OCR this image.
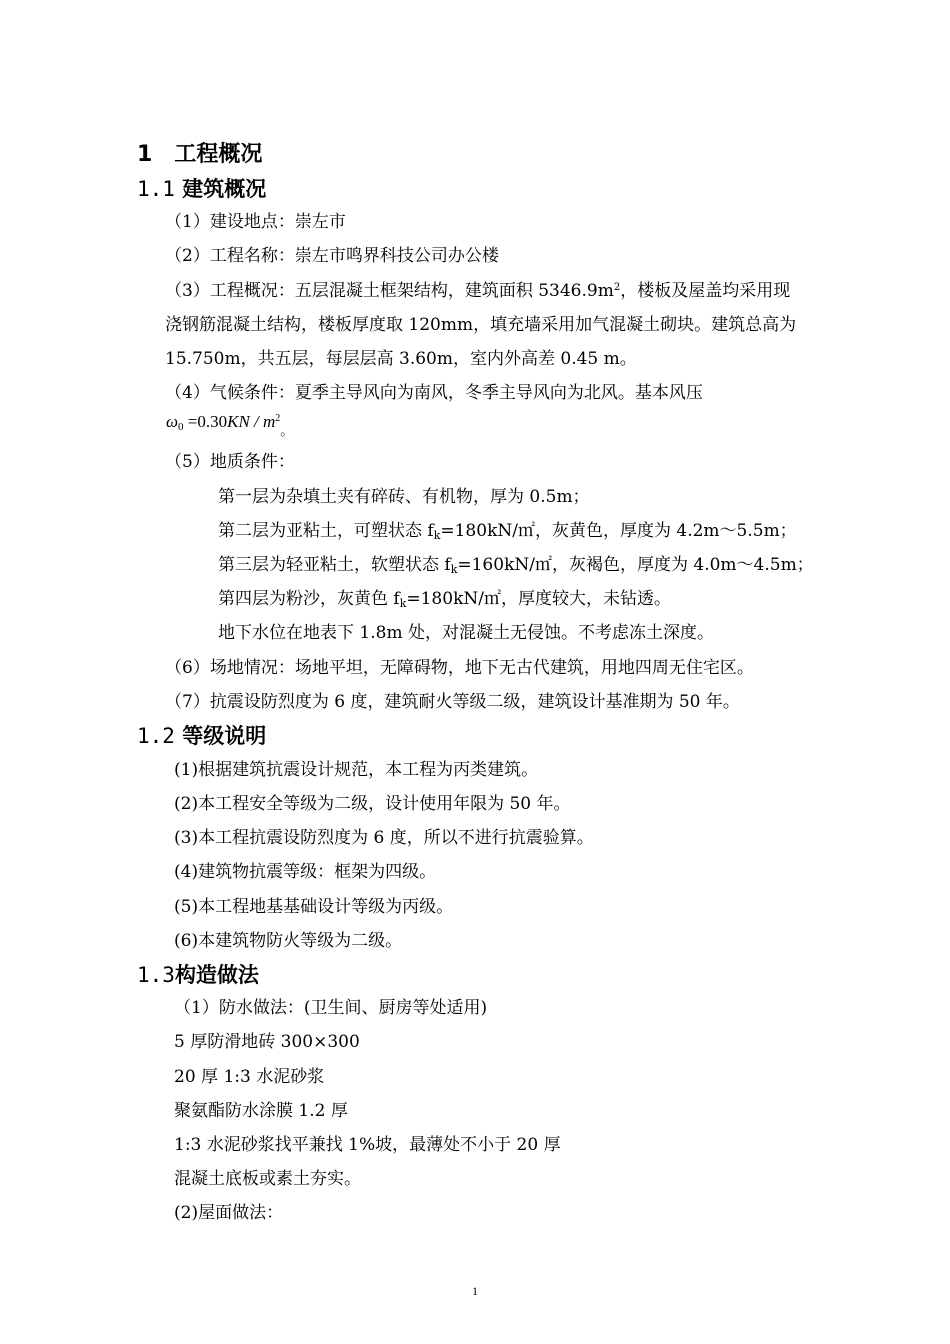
1 工程概况
1.1 建筑概况
（1）建设地点：崇左市
（2）工程名称：崇左市鸣界科技公司办公楼
（3）工程概况：五层混凝土框架结构，建筑面积 $5346.9m^2$，楼板及屋盖均采用现
浇钢筋混凝土结构，楼板厚度取 120mm，填充墙采用加气混凝土砌块。建筑总高为
15.750m，共五层，每层层高 3.60m，室内外高差 0.45 m。
（4）气候条件：夏季主导风向为南风，冬季主导风向为北风。基本风压
$\omega_0 =0.30KN / m^2_。$
（5）地质条件：
第一层为杂填土夹有碎砖、有机物，厚为 0.5m；
第二层为亚粘土，可塑状态 $f_k=180kN/㎡$，灰黄色，厚度为 4.2m～5.5m；
第三层为轻亚粘土，软塑状态 $f_k=160kN/㎡$，灰褐色，厚度为 4.0m～4.5m；
第四层为粉沙，灰黄色 $f_k=180kN/㎡$，厚度较大，未钻透。
地下水位在地表下 1.8m 处，对混凝土无侵蚀。不考虑冻土深度。
（6）场地情况：场地平坦，无障碍物，地下无古代建筑，用地四周无住宅区。
（7）抗震设防烈度为 6 度，建筑耐火等级二级，建筑设计基准期为 50 年。
1.2 等级说明
(1)根据建筑抗震设计规范，本工程为丙类建筑。
(2)本工程安全等级为二级，设计使用年限为 50 年。
(3)本工程抗震设防烈度为 6 度，所以不进行抗震验算。
(4)建筑物抗震等级：框架为四级。
(5)本工程地基基础设计等级为丙级。
(6)本建筑物防火等级为二级。
1.3构造做法
（1）防水做法：(卫生间、厨房等处适用)
5 厚防滑地砖 300×300
20 厚 1:3 水泥砂浆
聚氨酯防水涂膜 1.2 厚
1:3 水泥砂浆找平兼找 1%坡，最薄处不小于 20 厚
混凝土底板或素土夯实。
(2)屋面做法：
1
